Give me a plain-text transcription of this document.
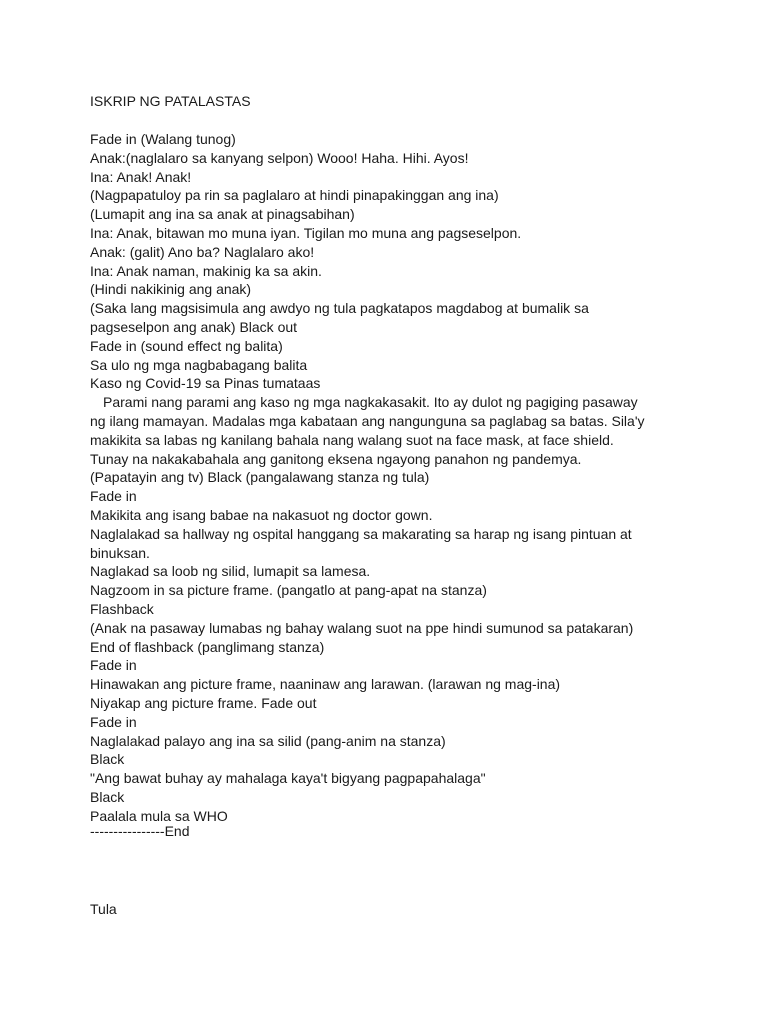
ISKRIP NG PATALASTAS
Fade in (Walang tunog)
Anak:(naglalaro sa kanyang selpon) Wooo! Haha. Hihi. Ayos!
Ina: Anak! Anak!
(Nagpapatuloy pa rin sa paglalaro at hindi pinapakinggan ang ina)
(Lumapit ang ina sa anak at pinagsabihan)
Ina: Anak, bitawan mo muna iyan. Tigilan mo muna ang pagseselpon.
Anak: (galit) Ano ba? Naglalaro ako!
Ina: Anak naman, makinig ka sa akin.
(Hindi nakikinig ang anak)
(Saka lang magsisimula ang awdyo ng tula pagkatapos magdabog at bumalik sa pagseselpon ang anak) Black out
Fade in (sound effect ng balita)
Sa ulo ng mga nagbabagang balita
Kaso ng Covid-19 sa Pinas tumataas
Parami nang parami ang kaso ng mga nagkakasakit. Ito ay dulot ng pagiging pasaway ng ilang mamayan. Madalas mga kabataan ang nangunguna sa paglabag sa batas. Sila'y makikita sa labas ng kanilang bahala nang walang suot na face mask, at face shield. Tunay na nakakabahala ang ganitong eksena ngayong panahon ng pandemya.
(Papatayin ang tv) Black (pangalawang stanza ng tula)
Fade in
Makikita ang isang babae na nakasuot ng doctor gown.
Naglalakad sa hallway ng ospital hanggang sa makarating sa harap ng isang pintuan at binuksan.
Naglakad sa loob ng silid, lumapit sa lamesa.
Nagzoom in sa picture frame. (pangatlo at pang-apat na stanza)
Flashback
(Anak na pasaway lumabas ng bahay walang suot na ppe hindi sumunod sa patakaran)
End of flashback (panglimang stanza)
Fade in
Hinawakan ang picture frame, naaninaw ang larawan. (larawan ng mag-ina)
Niyakap ang picture frame. Fade out
Fade in
Naglalakad palayo ang ina sa silid (pang-anim na stanza)
Black
"Ang bawat buhay ay mahalaga kaya't bigyang pagpapahalaga"
Black
Paalala mula sa WHO
----------------End
Tula
